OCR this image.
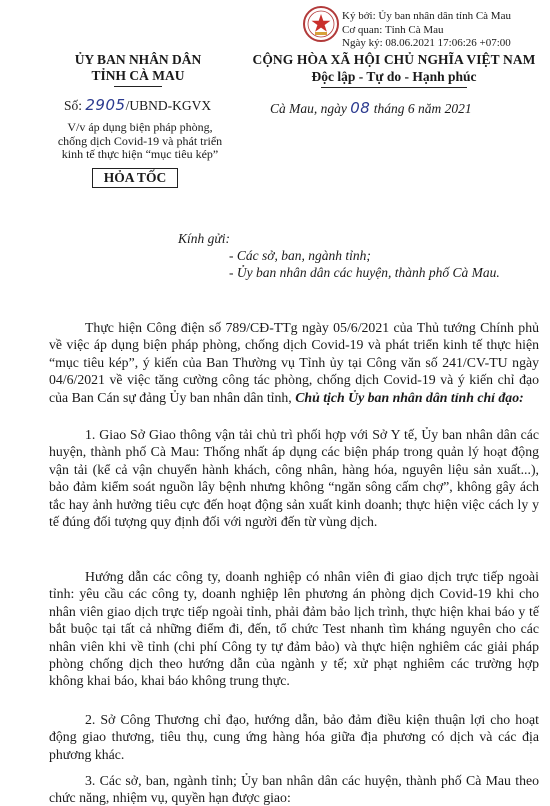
Ký bởi: Ủy ban nhân dân tỉnh Cà Mau
Cơ quan: Tỉnh Cà Mau
Ngày ký: 08.06.2021 17:06:26 +07:00
ỦY BAN NHÂN DÂN
TỈNH CÀ MAU
CỘNG HÒA XÃ HỘI CHỦ NGHĨA VIỆT NAM
Độc lập - Tự do - Hạnh phúc
Số: 2905/UBND-KGVX	Cà Mau, ngày 08 tháng 6 năm 2021
V/v áp dụng biện pháp phòng,
chống dịch Covid-19 và phát triển
kinh tế thực hiện “mục tiêu kép”
HỎA TỐC
Kính gửi:
- Các sở, ban, ngành tỉnh;
- Ủy ban nhân dân các huyện, thành phố Cà Mau.

Thực hiện Công điện số 789/CĐ-TTg ngày 05/6/2021 của Thủ tướng Chính phủ về việc áp dụng biện pháp phòng, chống dịch Covid-19 và phát triển kinh tế thực hiện “mục tiêu kép”, ý kiến của Ban Thường vụ Tỉnh ủy tại Công văn số 241/CV-TU ngày 04/6/2021 về việc tăng cường công tác phòng, chống dịch Covid-19 và ý kiến chỉ đạo của Ban Cán sự đảng Ủy ban nhân dân tỉnh, Chủ tịch Ủy ban nhân dân tỉnh chỉ đạo:

1. Giao Sở Giao thông vận tải chủ trì phối hợp với Sở Y tế, Ủy ban nhân dân các huyện, thành phố Cà Mau: Thống nhất áp dụng các biện pháp trong quản lý hoạt động vận tải (kể cả vận chuyển hành khách, công nhân, hàng hóa, nguyên liệu sản xuất...), bảo đảm kiểm soát nguồn lây bệnh nhưng không “ngăn sông cấm chợ”, không gây ách tắc hay ảnh hưởng tiêu cực đến hoạt động sản xuất kinh doanh; thực hiện việc cách ly y tế đúng đối tượng quy định đối với người đến từ vùng dịch.

Hướng dẫn các công ty, doanh nghiệp có nhân viên đi giao dịch trực tiếp ngoài tỉnh: yêu cầu các công ty, doanh nghiệp lên phương án phòng dịch Covid-19 khi cho nhân viên giao dịch trực tiếp ngoài tỉnh, phải đảm bảo lịch trình, thực hiện khai báo y tế bắt buộc tại tất cả những điểm đi, đến, tổ chức Test nhanh tìm kháng nguyên cho các nhân viên khi về tỉnh (chi phí Công ty tự đảm bảo) và thực hiện nghiêm các giải pháp phòng chống dịch theo hướng dẫn của ngành y tế; xử phạt nghiêm các trường hợp không khai báo, khai báo không trung thực.

2. Sở Công Thương chỉ đạo, hướng dẫn, bảo đảm điều kiện thuận lợi cho hoạt động giao thương, tiêu thụ, cung ứng hàng hóa giữa địa phương có dịch và các địa phương khác.

3. Các sở, ban, ngành tỉnh; Ủy ban nhân dân các huyện, thành phố Cà Mau theo chức năng, nhiệm vụ, quyền hạn được giao:
